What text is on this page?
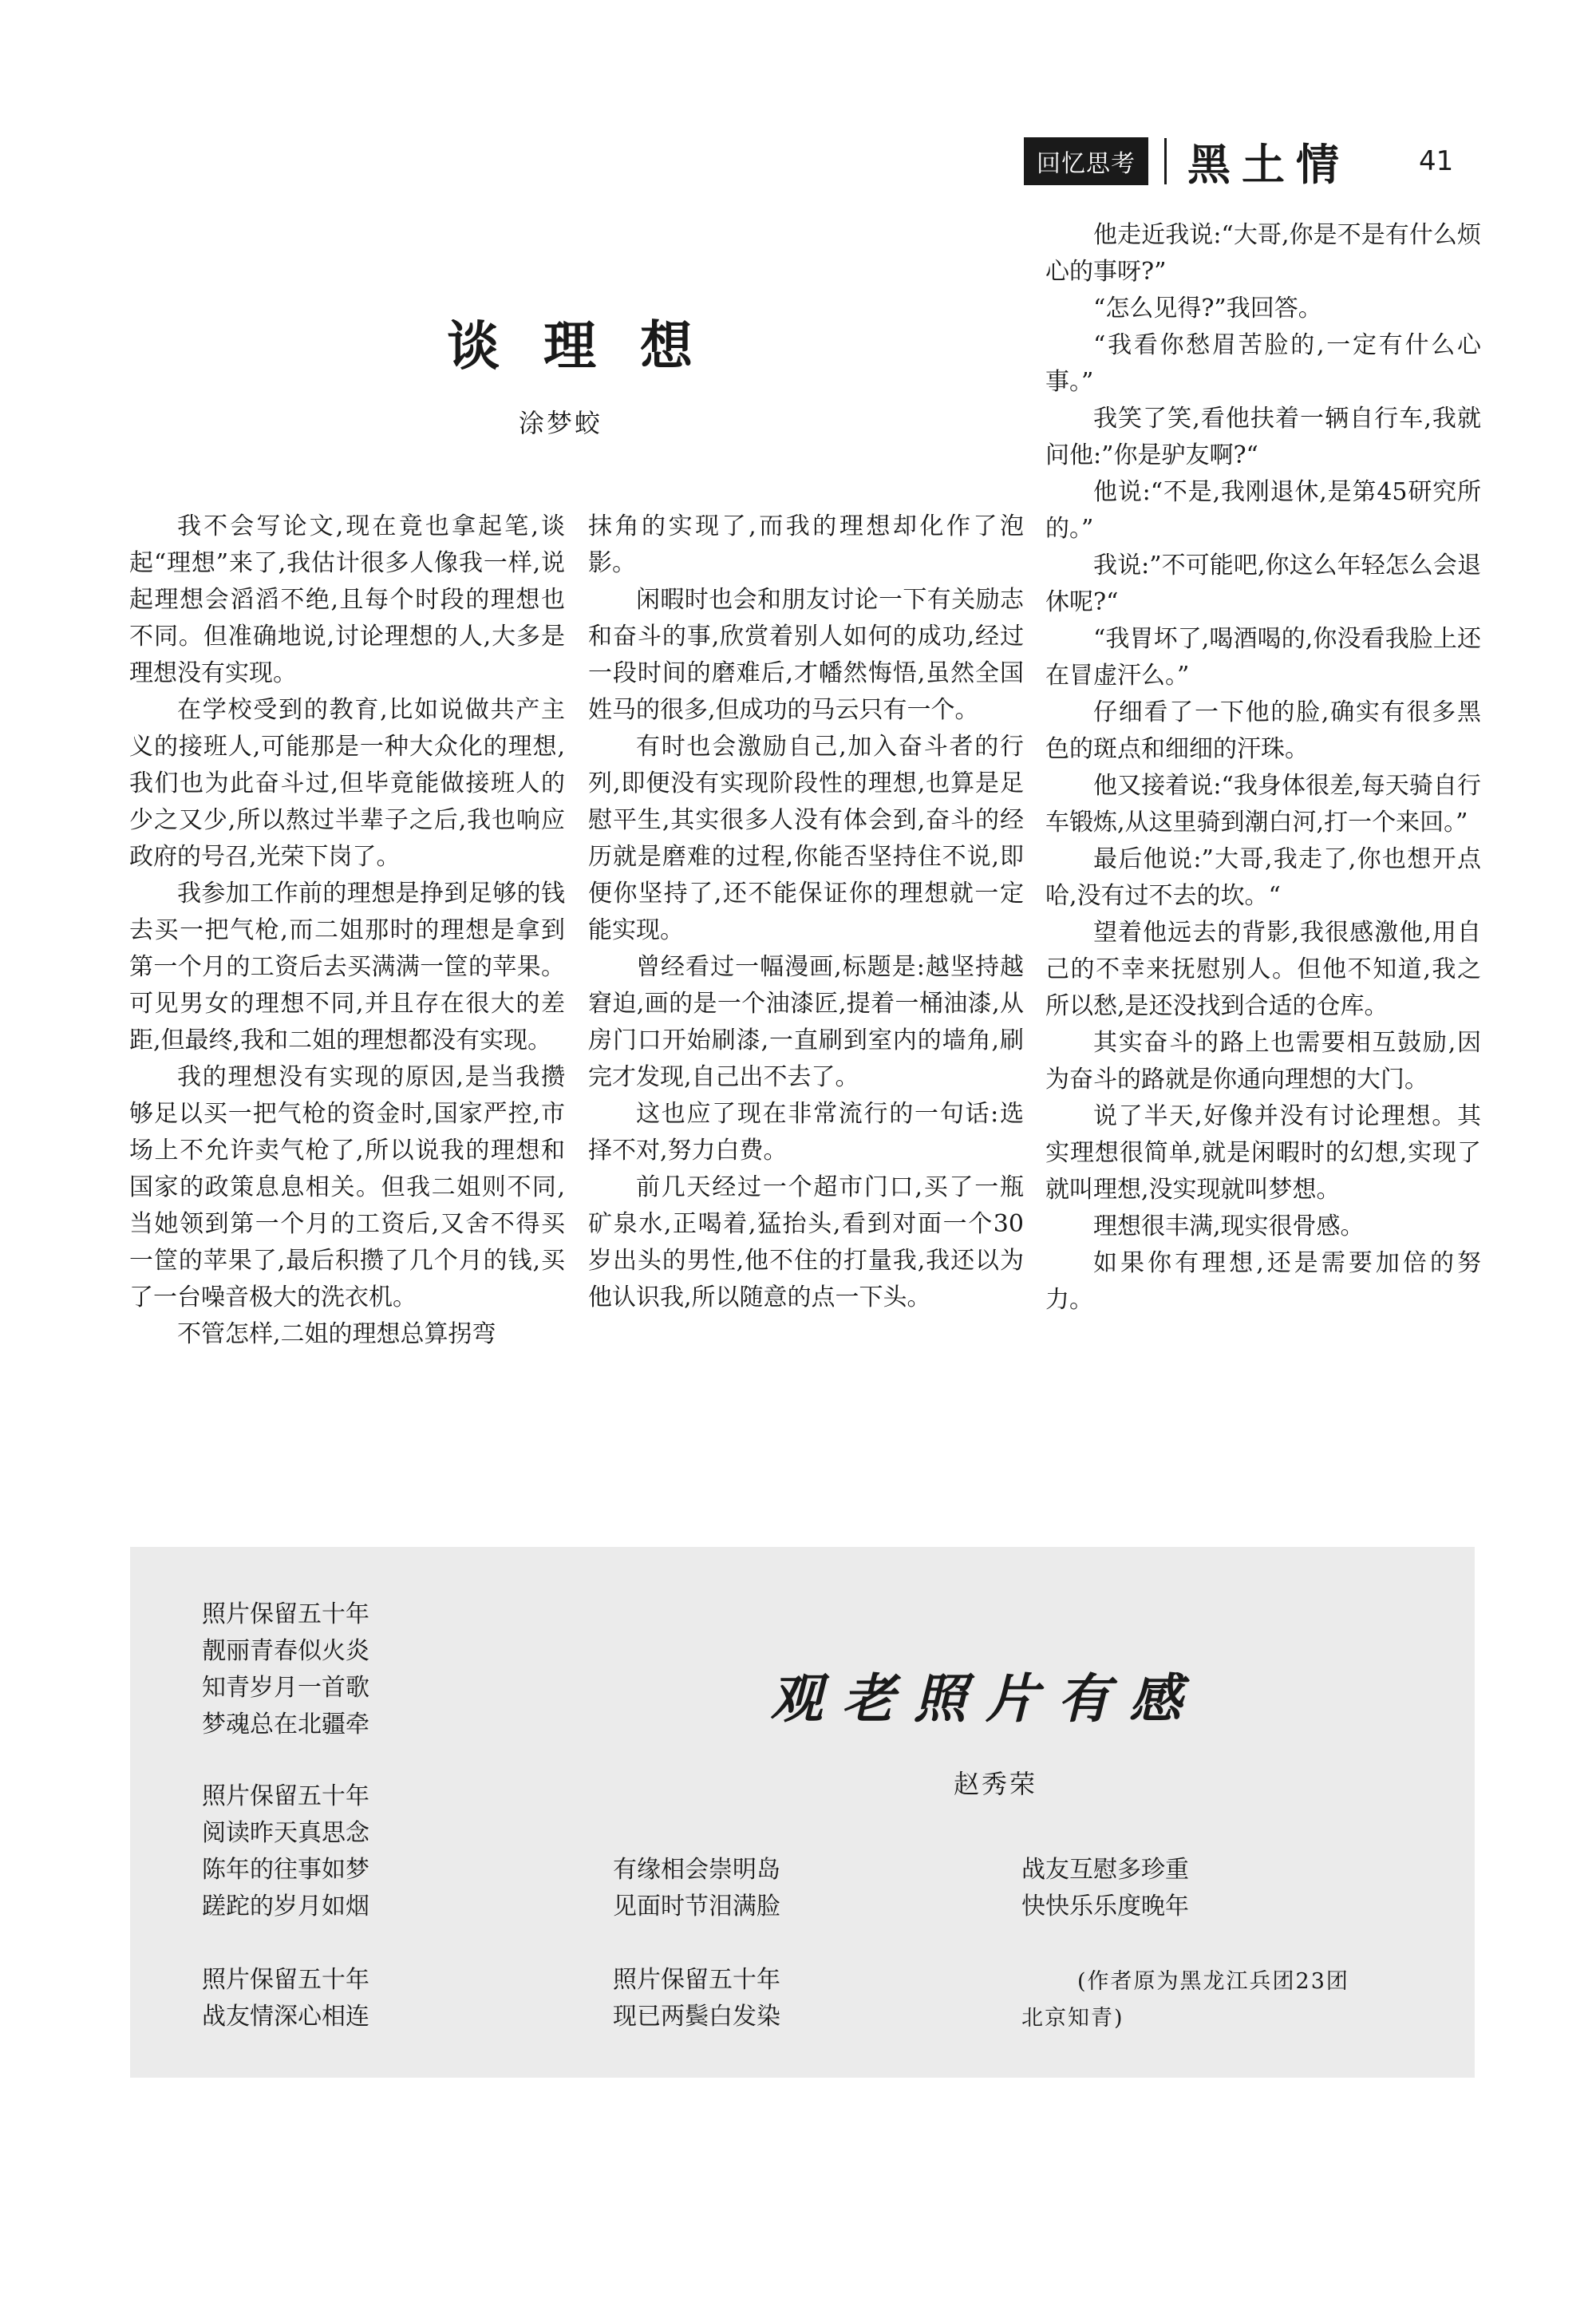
回忆思考 黑土情	41
谈 理 想
涂梦蛟

我不会写论文,现在竟也拿起笔,谈起“理想”来了,我估计很多人像我一样,说起理想会滔滔不绝,且每个时段的理想也不同。但准确地说,讨论理想的人,大多是理想没有实现。

在学校受到的教育,比如说做共产主义的接班人,可能那是一种大众化的理想,我们也为此奋斗过,但毕竟能做接班人的少之又少,所以熬过半辈子之后,我也响应政府的号召,光荣下岗了。

我参加工作前的理想是挣到足够的钱去买一把气枪,而二姐那时的理想是拿到第一个月的工资后去买满满一筐的苹果。可见男女的理想不同,并且存在很大的差距,但最终,我和二姐的理想都没有实现。

我的理想没有实现的原因,是当我攒够足以买一把气枪的资金时,国家严控,市场上不允许卖气枪了,所以说我的理想和国家的政策息息相关。但我二姐则不同,当她领到第一个月的工资后,又舍不得买一筐的苹果了,最后积攒了几个月的钱,买了一台噪音极大的洗衣机。

不管怎样,二姐的理想总算拐弯

抹角的实现了,而我的理想却化作了泡影。

闲暇时也会和朋友讨论一下有关励志和奋斗的事,欣赏着别人如何的成功,经过一段时间的磨难后,才幡然悔悟,虽然全国姓马的很多,但成功的马云只有一个。

有时也会激励自己,加入奋斗者的行列,即便没有实现阶段性的理想,也算是足慰平生,其实很多人没有体会到,奋斗的经历就是磨难的过程,你能否坚持住不说,即便你坚持了,还不能保证你的理想就一定能实现。

曾经看过一幅漫画,标题是:越坚持越窘迫,画的是一个油漆匠,提着一桶油漆,从房门口开始刷漆,一直刷到室内的墙角,刷完才发现,自己出不去了。

这也应了现在非常流行的一句话:选择不对,努力白费。

前几天经过一个超市门口,买了一瓶矿泉水,正喝着,猛抬头,看到对面一个30岁出头的男性,他不住的打量我,我还以为他认识我,所以随意的点一下头。

他走近我说:“大哥,你是不是有什么烦心的事呀?”

“怎么见得?”我回答。

“我看你愁眉苦脸的,一定有什么心事。”

我笑了笑,看他扶着一辆自行车,我就问他:”你是驴友啊?“

他说:“不是,我刚退休,是第45研究所的。”

我说:”不可能吧,你这么年轻怎么会退休呢?“

“我胃坏了,喝酒喝的,你没看我脸上还在冒虚汗么。”

仔细看了一下他的脸,确实有很多黑色的斑点和细细的汗珠。

他又接着说:“我身体很差,每天骑自行车锻炼,从这里骑到潮白河,打一个来回。”

最后他说:”大哥,我走了,你也想开点哈,没有过不去的坎。“

望着他远去的背影,我很感激他,用自己的不幸来抚慰别人。但他不知道,我之所以愁,是还没找到合适的仓库。

其实奋斗的路上也需要相互鼓励,因为奋斗的路就是你通向理想的大门。

说了半天,好像并没有讨论理想。其实理想很简单,就是闲暇时的幻想,实现了就叫理想,没实现就叫梦想。

理想很丰满,现实很骨感。

如果你有理想,还是需要加倍的努力。

观老照片有感
赵秀荣
照片保留五十年
靓丽青春似火炎
知青岁月一首歌
梦魂总在北疆牵
照片保留五十年
阅读昨天真思念
陈年的往事如梦
蹉跎的岁月如烟
照片保留五十年
战友情深心相连
有缘相会崇明岛
见面时节泪满脸
照片保留五十年
现已两鬓白发染
战友互慰多珍重
快快乐乐度晚年
(作者原为黑龙江兵团23团
北京知青)
